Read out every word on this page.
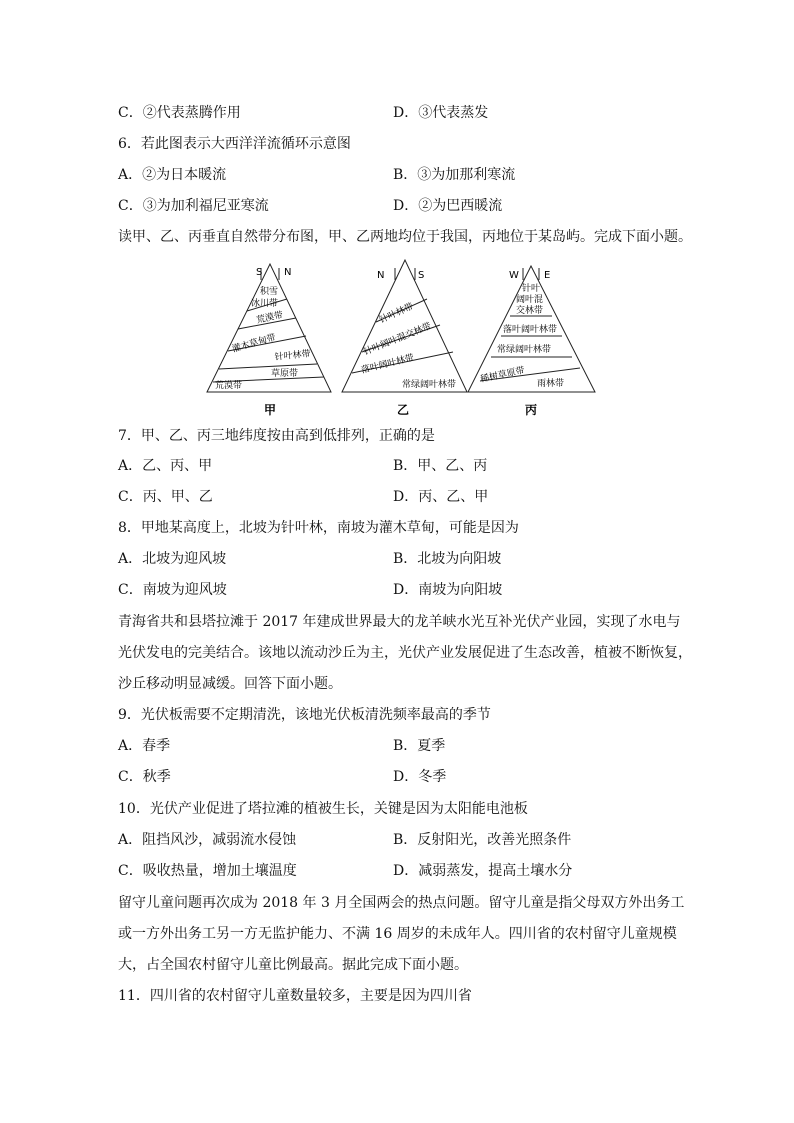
C．②代表蒸腾作用	D．③代表蒸发
6．若此图表示大西洋洋流循环示意图
A．②为日本暖流	B．③为加那利寒流
C．③为加利福尼亚寒流	D．②为巴西暖流
读甲、乙、丙垂直自然带分布图，甲、乙两地均位于我国，丙地位于某岛屿。完成下面小题。
S N
积雪
冰川带
荒漠带
灌木草甸带
针叶林带
草原带
荒漠带
甲
N	S
针叶林带
针叶阔叶混交林带
落叶阔叶林带
常绿阔叶林带
乙
W	E
针叶
阔叶混
交林带
落叶阔叶林带
常绿阔叶林带
稀树草原带 雨林带
丙
7．甲、乙、丙三地纬度按由高到低排列，正确的是
A．乙、丙、甲	B．甲、乙、丙
C．丙、甲、乙	D．丙、乙、甲
8．甲地某高度上，北坡为针叶林，南坡为灌木草甸，可能是因为
A．北坡为迎风坡	B．北坡为向阳坡
C．南坡为迎风坡	D．南坡为向阳坡
青海省共和县塔拉滩于 2017 年建成世界最大的龙羊峡水光互补光伏产业园，实现了水电与
光伏发电的完美结合。该地以流动沙丘为主，光伏产业发展促进了生态改善，植被不断恢复，
沙丘移动明显减缓。回答下面小题。
9．光伏板需要不定期清洗，该地光伏板清洗频率最高的季节
A．春季	B．夏季
C．秋季	D．冬季
10．光伏产业促进了塔拉滩的植被生长，关键是因为太阳能电池板
A．阻挡风沙，减弱流水侵蚀	B．反射阳光，改善光照条件
C．吸收热量，增加土壤温度	D．减弱蒸发，提高土壤水分
留守儿童问题再次成为 2018 年 3 月全国两会的热点问题。留守儿童是指父母双方外出务工
或一方外出务工另一方无监护能力、不满 16 周岁的未成年人。四川省的农村留守儿童规模
大，占全国农村留守儿童比例最高。据此完成下面小题。
11．四川省的农村留守儿童数量较多，主要是因为四川省
